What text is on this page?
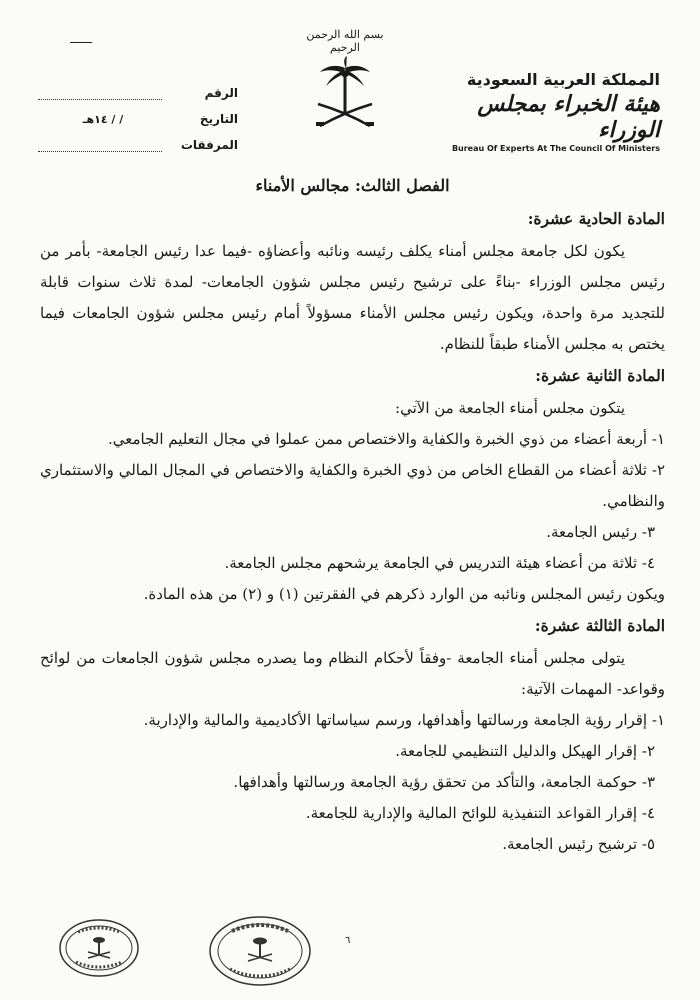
الرقم
التاريخ
/ / ١٤هـ
المرفقات
بسم الله الرحمن الرحيم
المملكة العربية السعودية
هيئة الخبراء بمجلس الوزراء
Bureau Of Experts At The Council Of Ministers
الفصل الثالث: مجالس الأمناء
المادة الحادية عشرة:
يكون لكل جامعة مجلس أمناء يكلف رئيسه ونائبه وأعضاؤه -فيما عدا رئيس الجامعة- بأمر من رئيس مجلس الوزراء -بناءً على ترشيح رئيس مجلس شؤون الجامعات- لمدة ثلاث سنوات قابلة للتجديد مرة واحدة، ويكون رئيس مجلس الأمناء مسؤولاً أمام رئيس مجلس شؤون الجامعات فيما يختص به مجلس الأمناء طبقاً للنظام.
المادة الثانية عشرة:
يتكون مجلس أمناء الجامعة من الآتي:
١- أربعة أعضاء من ذوي الخبرة والكفاية والاختصاص ممن عملوا في مجال التعليم الجامعي.
٢- ثلاثة أعضاء من القطاع الخاص من ذوي الخبرة والكفاية والاختصاص في المجال المالي والاستثماري والنظامي.
٣- رئيس الجامعة.
٤- ثلاثة من أعضاء هيئة التدريس في الجامعة يرشحهم مجلس الجامعة.
ويكون رئيس المجلس ونائبه من الوارد ذكرهم في الفقرتين (١) و (٢) من هذه المادة.
المادة الثالثة عشرة:
يتولى مجلس أمناء الجامعة -وفقاً لأحكام النظام وما يصدره مجلس شؤون الجامعات من لوائح وقواعد- المهمات الآتية:
١- إقرار رؤية الجامعة ورسالتها وأهدافها، ورسم سياساتها الأكاديمية والمالية والإدارية.
٢- إقرار الهيكل والدليل التنظيمي للجامعة.
٣- حوكمة الجامعة، والتأكد من تحقق رؤية الجامعة ورسالتها وأهدافها.
٤- إقرار القواعد التنفيذية للوائح المالية والإدارية للجامعة.
٥- ترشيح رئيس الجامعة.
٦
